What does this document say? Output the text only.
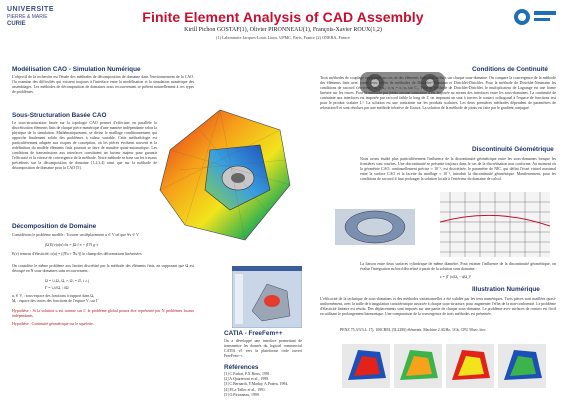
UNIVERSITE
PIERRE & MARIE
CURIE	Finite Element Analysis of CAD Assembly
Kirill Pichon GOSTAF(1), Olivier PIRONNEAU(1), François-Xavier ROUX(1,2)
(1) Laboratoire Jacques-Louis Lions, UPMC, Paris, France (2) ONERA, France
Modélisation CAO - Simulation Numérique
L'objectif de la recherche est l'étude des méthodes de décomposition de domaine dans l'environnement de la CAO. Ou examine des difficultés qui existent toujours à l'interface entre la modélisation et la simulation numérique des assemblages. Les méthodes de décomposition de domaines nous recouvrement se prêtent naturellement à ces types de problèmes.
Sous-Structuration Basée CAO
Le sous-structuration basée sur la topologie CAO permet d'effectuer en parallèle la discrétisation éléments finis de chaque pièce numérique d'une manière indépendante selon la physique de la simulation. Mathématiquement, se divise le maillage conditionnement qui approche finalement solide des problèmes à valeur variable. Cette méthodologie est particulièrement adaptée aux risques de conception, où les pièces évoluent souvent et la redéfinition du modèle éléments finis pourrait se faire de manière quasi-automatique. Les conditions de transmissions aux interfaces constituent un facteur majeur pour garantir l'efficacité et la vitesse de convergence de la méthode. Notre méthode se base sur les travaux précédents sur la décomposition de domaine [1,2,3,4] ainsi que sur la méthode de décomposition de domaine pour la CAO [5].
Décomposition de Domaine
Considérons le problème modèle : Trouver un déplacement u ∈ V tel que ∀v ∈ V
∫Ω E(v)σ(u) dx = ∫Ω f·v + ∫ΓN g·v
E(v) tenseur d'élasticité, σ(u) = ((∇u + ∇uᵀ)) le champ des déformations linéarisées.
On considère le même problème aux limites discrétisé par la méthode des éléments finis, en supposant que Ω est découpé en N sous-domaines sans recouvrement :
Ω = ∪ᵢΩᵢ, Ωᵢ ∩ Ωⱼ = ∅, i ≠ j
Γ = ∪ᵢ∂Ωᵢ \ ∂Ω
uᵢ ∈ Vᵢ : sous-espace des fonctions à support dans Ωᵢ
Mᵢ : espace des traces des fonctions de l'espace Vᵢ sur Γ
Hypothèse : Si la solution u est connue sur Γ, le problème global pourra être représenté par N problèmes locaux indépendants.
Hypothèse : Continuité géométrique sur le squelette.
CATIA - FreeFem++
On a développé une interface permettant de transmettre les donnés du logiciel commercial CATIA v5 vers la plateforme code ouvert FreeFem++.
Références
[1] C.Farhat, F.X.Roux, 1991.
[2] A.Quarteroni et al., 1998.
[3] C.Bernardi, Y.Maday, A.Patera, 1994.
[4] P.Le Tallec et al., 1991.
[5] O.Pironneau, 1999.
Conditions de Continuité
Trois méthodes de couplage appliquées au cas où des éléments finis sont utilisés sur chaque sous-domaine. On compare la convergence de la méthode des éléments finis avec joints avec celles de méthodes de Dirichlet-Neumann et Dirichlet-Dirichlet. Pour la méthode de Dirichlet-Neumann les conditions de raccord s'écrivent : uᵢ = uⱼ, σᵢ·nᵢ = σⱼ·nⱼ sur Γᵢⱼ. Pour la méthode de Dirichlet-Dirichlet, le multiplicateur de Lagrange est une forme linéaire sur les traces. Pour la méthode par joints aucune contrainte n'est imposée au niveau des interfaces entre les sous-domaines. La continuité de contrainte aux interfaces est imposée par raccord faible le long de Γ, on imposant un saut à travers le contact orthogonal à l'espace de fonctions test pour le produit scalaire L². La solution est une contrainte sur les produits scalaires. Les deux premières méthodes dépendent de paramètres de relaxation θ et sont résolues par une méthode itérative de Uzawa. La solution de la méthode de joints est faite par le gradient conjugué.
Discontinuité Géométrique
Nous avons étudié plus particulièrement l'influence de la discontinuité géométrique entre les sous-domaines lorsque les frontières sont courbes. Une discontinuité se présente toujours dans le cas de la discrétisation non conforme. Au moment où la géométrie CAO, continuellement précise ≈ 10⁻³, est discrétisée, le paramètre de NIC, qui défini l'écart virtuel maximal entre la surface CAO et la facette du maillage ≈ 10⁻¹, introduit la discontinuité géométrique. Manifestement, pour les conditions de raccord il faut prolonger la solution locale à l'extérieur du domaine de calcul.
La liaison entre deux surfaces cylindrique de même diamètre. Pour estimer l'influence de la discontinuité géométrique, on évalue l'intégration au bord discrétisé à partir de la solution sous domaine :
ε = ∫Γ (u|Ω₁ - u|Ω₂)²
Illustration Numérique
L'efficacité de la technique de sous-domaines et des méthodes variationnelles a été validée par les tests numériques. Trois pièces sont maillées quasi-uniformément, avec la taille de triangulation caractéristique associée à chaque sous-structure, pour augmenter l'effet de la non-conformité. Le problème d'élasticité linéaire est résolu. Des déplacements sont imposés sur une partie de chaque sous-domaine. Le problème avec surfaces de contact est fictif en utilisant le prolongement harmonique. Une comparaison de la convergence de trois méthodes est présentée.
PENZ 75,3/3/3.4, 17j, 100CRM, (5L2290) éléments. Machine 2.4GHz, 1Gb, CPU 50sec./iter.
